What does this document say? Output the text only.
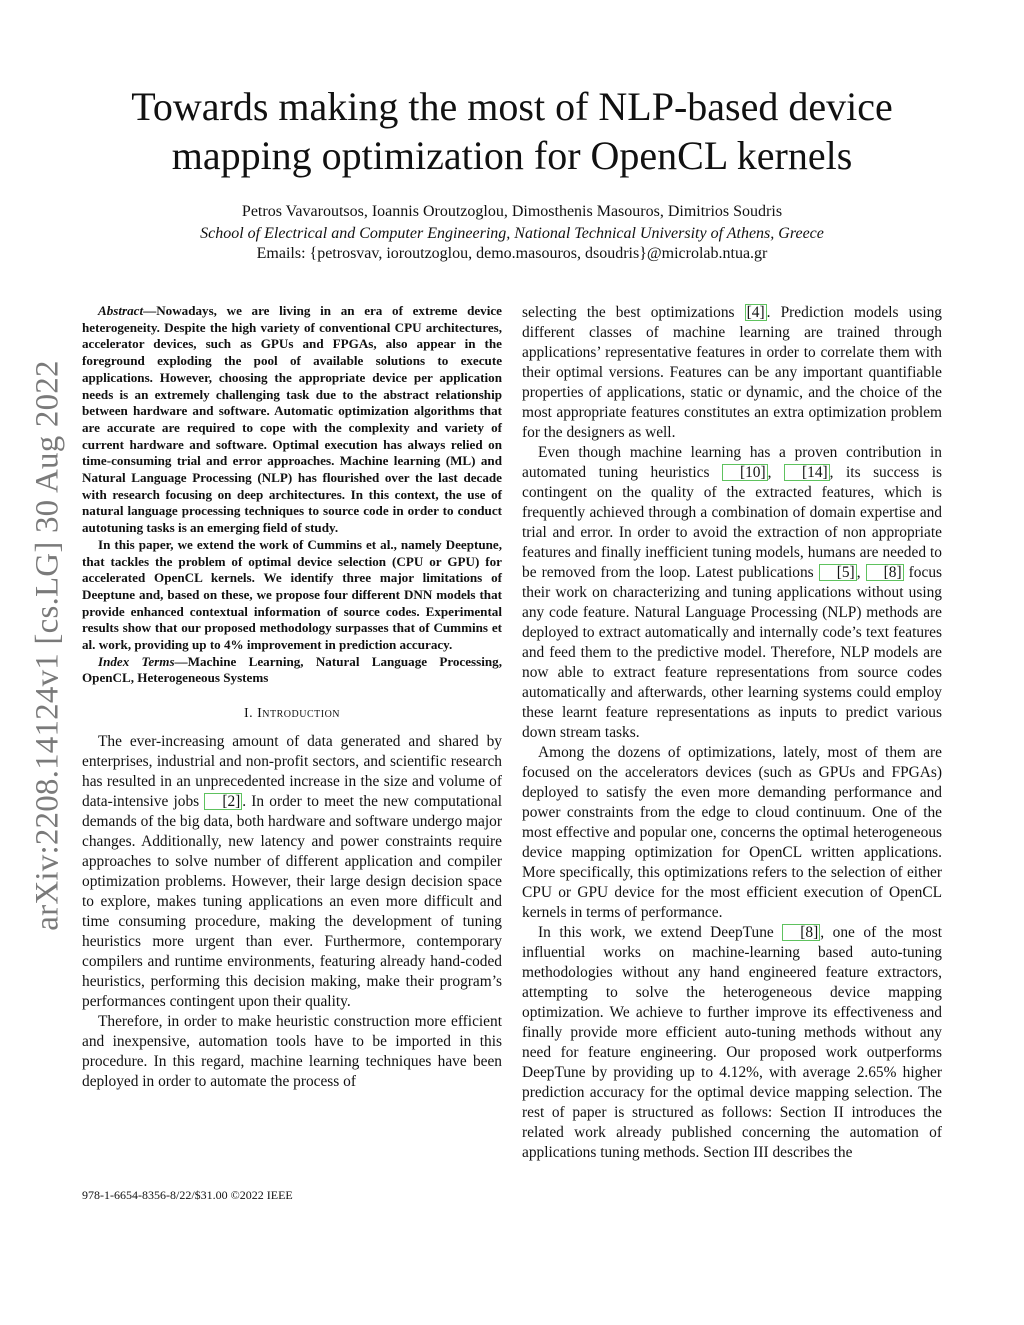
arXiv:2208.14124v1 [cs.LG] 30 Aug 2022
Towards making the most of NLP-based device mapping optimization for OpenCL kernels
Petros Vavaroutsos, Ioannis Oroutzoglou, Dimosthenis Masouros, Dimitrios Soudris
School of Electrical and Computer Engineering, National Technical University of Athens, Greece
Emails: {petrosvav, ioroutzoglou, demo.masouros, dsoudris}@microlab.ntua.gr

Abstract—Nowadays, we are living in an era of extreme device heterogeneity. Despite the high variety of conventional CPU architectures, accelerator devices, such as GPUs and FPGAs, also appear in the foreground exploding the pool of available solutions to execute applications. However, choosing the appropriate device per application needs is an extremely challenging task due to the abstract relationship between hardware and software. Automatic optimization algorithms that are accurate are required to cope with the complexity and variety of current hardware and software. Optimal execution has always relied on time-consuming trial and error approaches. Machine learning (ML) and Natural Language Processing (NLP) has flourished over the last decade with research focusing on deep architectures. In this context, the use of natural language processing techniques to source code in order to conduct autotuning tasks is an emerging field of study.

In this paper, we extend the work of Cummins et al., namely Deeptune, that tackles the problem of optimal device selection (CPU or GPU) for accelerated OpenCL kernels. We identify three major limitations of Deeptune and, based on these, we propose four different DNN models that provide enhanced contextual information of source codes. Experimental results show that our proposed methodology surpasses that of Cummins et al. work, providing up to 4% improvement in prediction accuracy.

Index Terms—Machine Learning, Natural Language Processing, OpenCL, Heterogeneous Systems

I. Introduction

The ever-increasing amount of data generated and shared by enterprises, industrial and non-profit sectors, and scientific research has resulted in an unprecedented increase in the size and volume of data-intensive jobs [2] . In order to meet the new computational demands of the big data, both hardware and software undergo major changes. Additionally, new latency and power constraints require approaches to solve number of different application and compiler optimization problems. However, their large design decision space to explore, makes tuning applications an even more difficult and time consuming procedure, making the development of tuning heuristics more urgent than ever. Furthermore, contemporary compilers and runtime environments, featuring already hand-coded heuristics, performing this decision making, make their program’s performances contingent upon their quality.

Therefore, in order to make heuristic construction more efficient and inexpensive, automation tools have to be imported in this procedure. In this regard, machine learning techniques have been deployed in order to automate the process of

978-1-6654-8356-8/22/$31.00 ©2022 IEEE

selecting the best optimizations [4] . Prediction models using different classes of machine learning are trained through applications’ representative features in order to correlate them with their optimal versions. Features can be any important quantifiable properties of applications, static or dynamic, and the choice of the most appropriate features constitutes an extra optimization problem for the designers as well.

Even though machine learning has a proven contribution in automated tuning heuristics [10] , [14] , its success is contingent on the quality of the extracted features, which is frequently achieved through a combination of domain expertise and trial and error. In order to avoid the extraction of non appropriate features and finally inefficient tuning models, humans are needed to be removed from the loop. Latest publications [5] , [8] focus their work on characterizing and tuning applications without using any code feature. Natural Language Processing (NLP) methods are deployed to extract automatically and internally code’s text features and feed them to the predictive model. Therefore, NLP models are now able to extract feature representations from source codes automatically and afterwards, other learning systems could employ these learnt feature representations as inputs to predict various down stream tasks.

Among the dozens of optimizations, lately, most of them are focused on the accelerators devices (such as GPUs and FPGAs) deployed to satisfy the even more demanding performance and power constraints from the edge to cloud continuum. One of the most effective and popular one, concerns the optimal heterogeneous device mapping optimization for OpenCL written applications. More specifically, this optimizations refers to the selection of either CPU or GPU device for the most efficient execution of OpenCL kernels in terms of performance.

In this work, we extend DeepTune [8] , one of the most influential works on machine-learning based auto-tuning methodologies without any hand engineered feature extractors, attempting to solve the heterogeneous device mapping optimization. We achieve to further improve its effectiveness and finally provide more efficient auto-tuning methods without any need for feature engineering. Our proposed work outperforms DeepTune by providing up to 4.12%, with average 2.65% higher prediction accuracy for the optimal device mapping selection. The rest of paper is structured as follows: Section II introduces the related work already published concerning the automation of applications tuning methods. Section III describes the
